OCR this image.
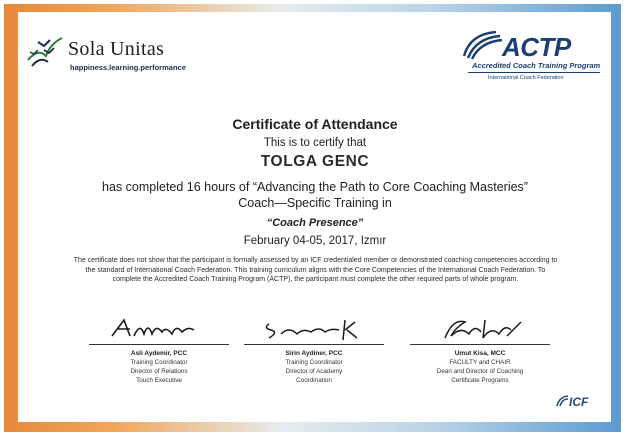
Sola Unitas
happiness.learning.performance
ACTP
Accredited Coach Training Program
International Coach Federation
Certificate of Attendance
This is to certify that
TOLGA GENC
has completed 16 hours of “Advancing the Path to Core Coaching Masteries”
Coach—Specific Training in
“Coach Presence”
February 04-05, 2017, Izmır
The certificate does not show that the participant is formally assessed by an ICF credentialed member or demonstrated coaching competencies according to the standard of International Coach Federation. This training curriculum aligns with the Core Competencies of the International Coach Federation. To complete the Accredited Coach Training Program (ACTP), the participant must complete the other required parts of whole program.
Asli Aydemir, PCC
Training Coordinator
Director of Relations
Touch Executive
Sirin Aydiner, PCC
Training Coordinator
Director of Academy
Coordination
Umut Kisa, MCC
FACULTY and CHAIR
Dean and Director of Coaching
Certificate Programs
ICF
